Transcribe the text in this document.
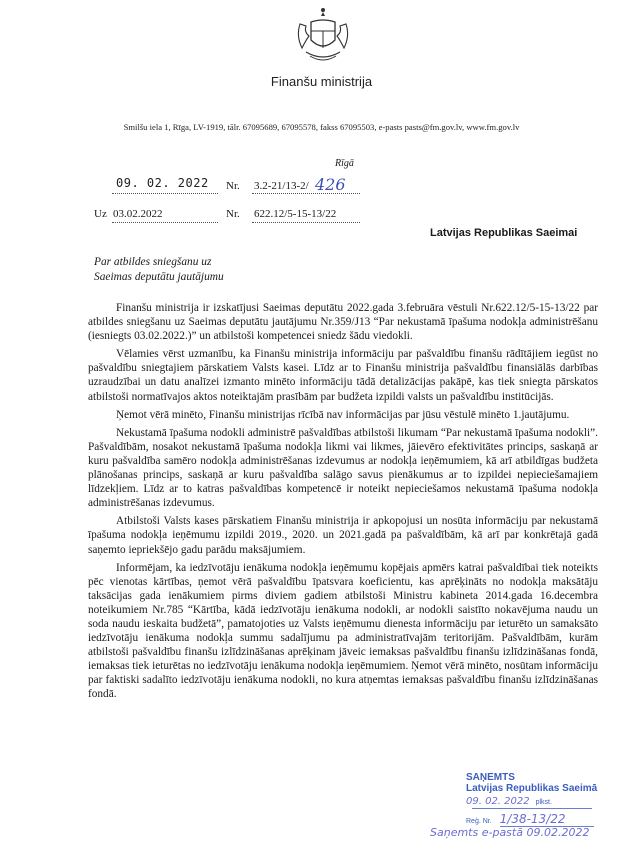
Finanšu ministrija
Smilšu iela 1, Rīga, LV-1919, tālr. 67095689, 67095578, fakss 67095503, e-pasts pasts@fm.gov.lv, www.fm.gov.lv
Rīgā
09. 02. 2022 Nr. 3.2-21/13-2/ 426
Uz 03.02.2022	Nr. 622.12/5-15-13/22
Latvijas Republikas Saeimai
Par atbildes sniegšanu uz
Saeimas deputātu jautājumu

Finanšu ministrija ir izskatījusi Saeimas deputātu 2022.gada 3.februāra vēstuli Nr.622.12/5-15-13/22 par atbildes sniegšanu uz Saeimas deputātu jautājumu Nr.359/J13 “Par nekustamā īpašuma nodokļa administrēšanu (iesniegts 03.02.2022.)” un atbilstoši kompetencei sniedz šādu viedokli.

Vēlamies vērst uzmanību, ka Finanšu ministrija informāciju par pašvaldību finanšu rādītājiem iegūst no pašvaldību sniegtajiem pārskatiem Valsts kasei. Līdz ar to Finanšu ministrija pašvaldību finansiālās darbības uzraudzībai un datu analīzei izmanto minēto informāciju tādā detalizācijas pakāpē, kas tiek sniegta pārskatos atbilstoši normatīvajos aktos noteiktajām prasībām par budžeta izpildi valsts un pašvaldību institūcijās.

Ņemot vērā minēto, Finanšu ministrijas rīcībā nav informācijas par jūsu vēstulē minēto 1.jautājumu.

Nekustamā īpašuma nodokli administrē pašvaldības atbilstoši likumam “Par nekustamā īpašuma nodokli”. Pašvaldībām, nosakot nekustamā īpašuma nodokļa likmi vai likmes, jāievēro efektivitātes princips, saskaņā ar kuru pašvaldība samēro nodokļa administrēšanas izdevumus ar nodokļa ieņēmumiem, kā arī atbildīgas budžeta plānošanas princips, saskaņā ar kuru pašvaldība salāgo savus pienākumus ar to izpildei nepieciešamajiem līdzekļiem. Līdz ar to katras pašvaldības kompetencē ir noteikt nepieciešamos nekustamā īpašuma nodokļa administrēšanas izdevumus.

Atbilstoši Valsts kases pārskatiem Finanšu ministrija ir apkopojusi un nosūta informāciju par nekustamā īpašuma nodokļa ieņēmumu izpildi 2019., 2020. un 2021.gadā pa pašvaldībām, kā arī par konkrētajā gadā saņemto iepriekšējo gadu parādu maksājumiem.

Informējam, ka iedzīvotāju ienākuma nodokļa ieņēmumu kopējais apmērs katrai pašvaldībai tiek noteikts pēc vienotas kārtības, ņemot vērā pašvaldību īpatsvara koeficientu, kas aprēķināts no nodokļa maksātāju taksācijas gada ienākumiem pirms diviem gadiem atbilstoši Ministru kabineta 2014.gada 16.decembra noteikumiem Nr.785 “Kārtība, kādā iedzīvotāju ienākuma nodokli, ar nodokli saistīto nokavējuma naudu un soda naudu ieskaita budžetā”, pamatojoties uz Valsts ieņēmumu dienesta informāciju par ieturēto un samaksāto iedzīvotāju ienākuma nodokļa summu sadalījumu pa administratīvajām teritorijām. Pašvaldībām, kurām atbilstoši pašvaldību finanšu izlīdzināšanas aprēķinam jāveic iemaksas pašvaldību finanšu izlīdzināšanas fondā, iemaksas tiek ieturētas no iedzīvotāju ienākuma nodokļa ieņēmumiem. Ņemot vērā minēto, nosūtam informāciju par faktiski sadalīto iedzīvotāju ienākuma nodokli, no kura atņemtas iemaksas pašvaldību finanšu izlīdzināšanas fondā.

SAŅEMTS
Latvijas Republikas Saeimā
09. 02. 2022 plkst.
Reģ. Nr. 1/38-13/22
Saņemts e-pastā 09.02.2022
